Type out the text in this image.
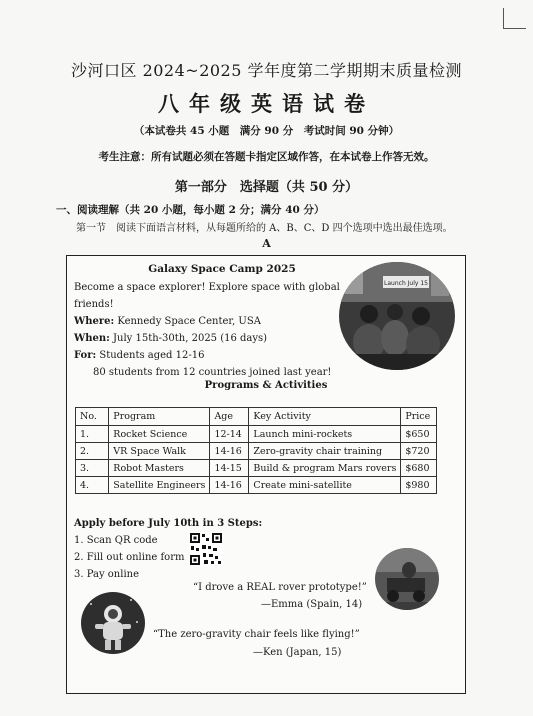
沙河口区 2024~2025 学年度第二学期期末质量检测
八年级英语试卷
（本试卷共 45 小题　满分 90 分　考试时间 90 分钟）
考生注意：所有试题必须在答题卡指定区域作答，在本试卷上作答无效。
第一部分　选择题（共 50 分）
一、阅读理解（共 20 小题，每小题 2 分；满分 40 分）
第一节　阅读下面语言材料，从每题所给的 A、B、C、D 四个选项中选出最佳选项。
A
Galaxy Space Camp 2025
Become a space explorer! Explore space with global
friends!
Where: Kennedy Space Center, USA
When: July 15th-30th, 2025 (16 days)
For: Students aged 12-16
80 students from 12 countries joined last year!
Launch July 15
Programs & Activities
No.	Program	Age	Key Activity	Price
1.	Rocket Science	12-14	Launch mini-rockets	$650
2.	VR Space Walk	14-16	Zero-gravity chair training	$720
3.	Robot Masters	14-15	Build & program Mars rovers	$680
4.	Satellite Engineers	14-16	Create mini-satellite	$980
Apply before July 10th in 3 Steps:
1. Scan QR code
2. Fill out online form
3. Pay online
“I drove a REAL rover prototype!”
—Emma (Spain, 14)
“The zero-gravity chair feels like flying!”
—Ken (Japan, 15)
